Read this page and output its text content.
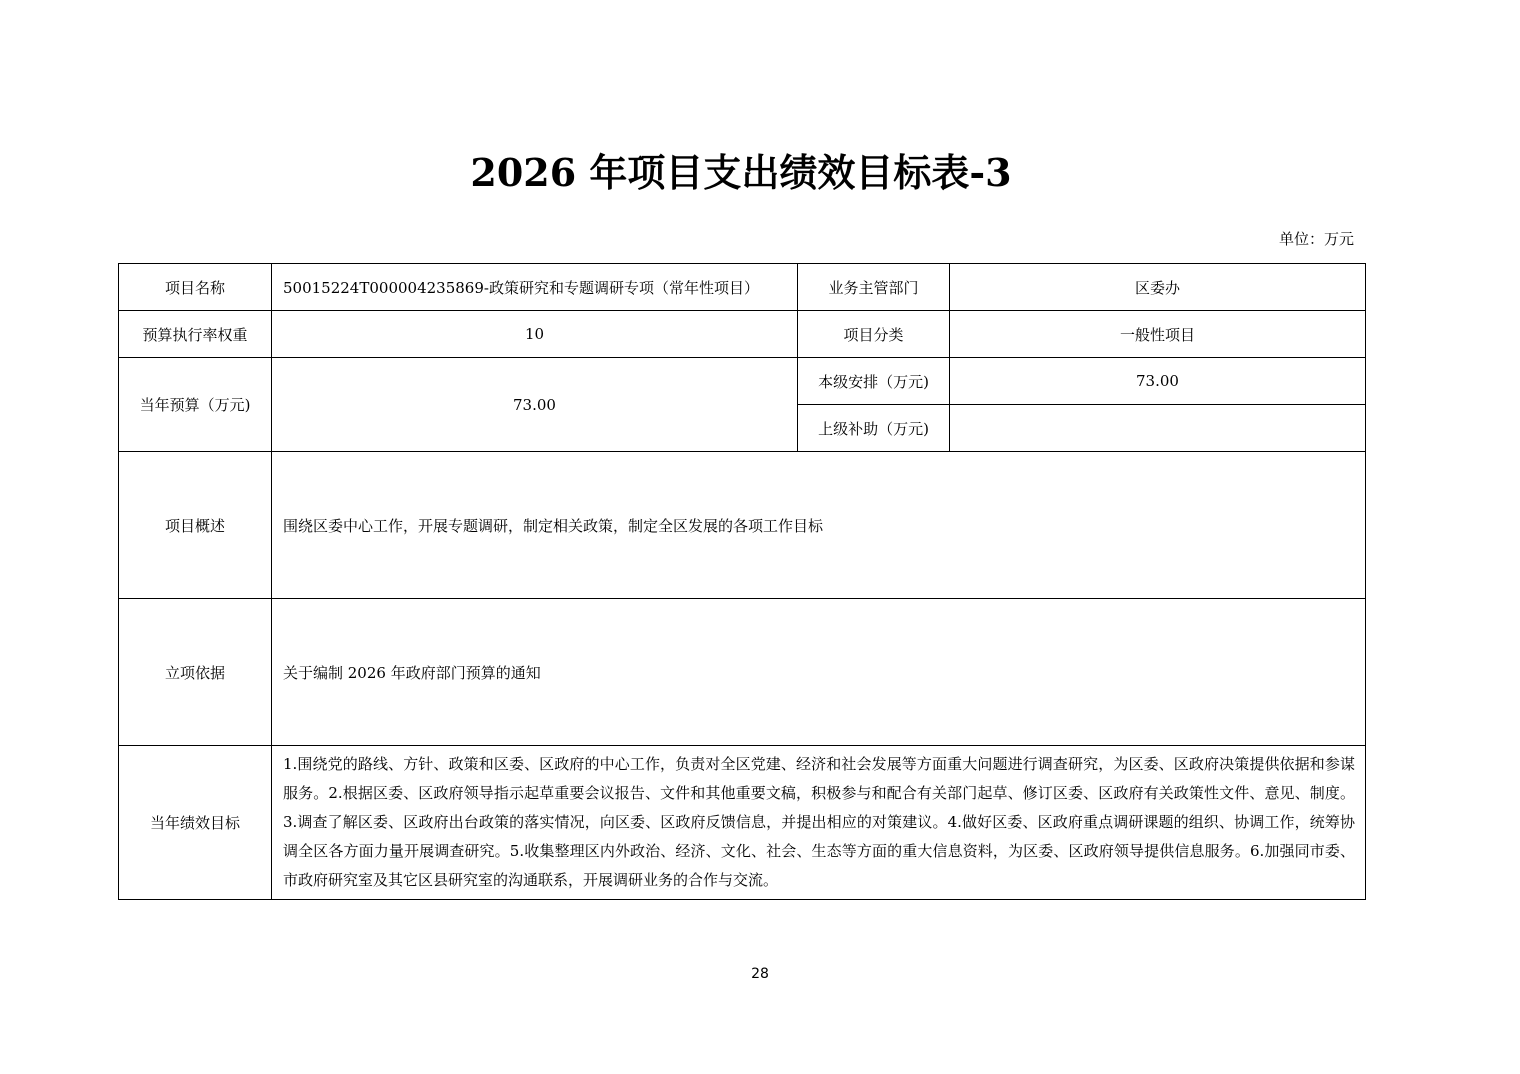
2026 年项目支出绩效目标表-3
单位：万元
项目名称	50015224T000004235869-政策研究和专题调研专项（常年性项目）	业务主管部门	区委办
预算执行率权重	10	项目分类	一般性项目
当年预算（万元)	73.00	本级安排（万元)	73.00
		上级补助（万元)	
项目概述	围绕区委中心工作，开展专题调研，制定相关政策，制定全区发展的各项工作目标		
立项依据	关于编制 2026 年政府部门预算的通知		
当年绩效目标	1.围绕党的路线、方针、政策和区委、区政府的中心工作，负责对全区党建、经济和社会发展等方面重大问题进行调查研究，为区委、区政府决策提供依据和参谋服务。2.根据区委、区政府领导指示起草重要会议报告、文件和其他重要文稿，积极参与和配合有关部门起草、修订区委、区政府有关政策性文件、意见、制度。3.调查了解区委、区政府出台政策的落实情况，向区委、区政府反馈信息，并提出相应的对策建议。4.做好区委、区政府重点调研课题的组织、协调工作，统筹协调全区各方面力量开展调查研究。5.收集整理区内外政治、经济、文化、社会、生态等方面的重大信息资料，为区委、区政府领导提供信息服务。6.加强同市委、市政府研究室及其它区县研究室的沟通联系，开展调研业务的合作与交流。		
28
